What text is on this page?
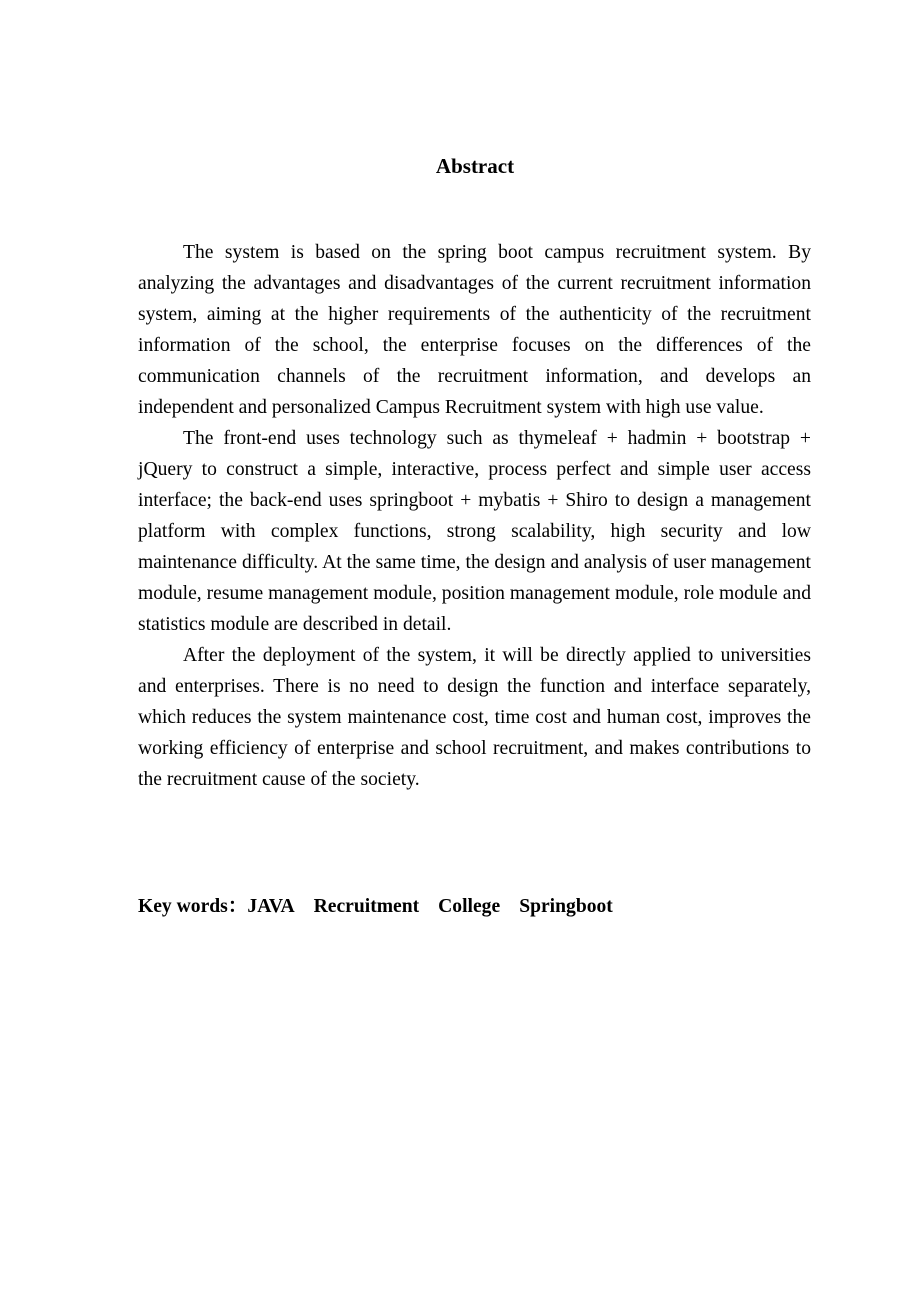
Abstract

The system is based on the spring boot campus recruitment system. By analyzing the advantages and disadvantages of the current recruitment information system, aiming at the higher requirements of the authenticity of the recruitment information of the school, the enterprise focuses on the differences of the communication channels of the recruitment information, and develops an independent and personalized Campus Recruitment system with high use value.

The front-end uses technology such as thymeleaf + hadmin + bootstrap + jQuery to construct a simple, interactive, process perfect and simple user access interface; the back-end uses springboot + mybatis + Shiro to design a management platform with complex functions, strong scalability, high security and low maintenance difficulty. At the same time, the design and analysis of user management module, resume management module, position management module, role module and statistics module are described in detail.

After the deployment of the system, it will be directly applied to universities and enterprises. There is no need to design the function and interface separately, which reduces the system maintenance cost, time cost and human cost, improves the working efficiency of enterprise and school recruitment, and makes contributions to the recruitment cause of the society.

Key words：JAVA Recruitment College Springboot
